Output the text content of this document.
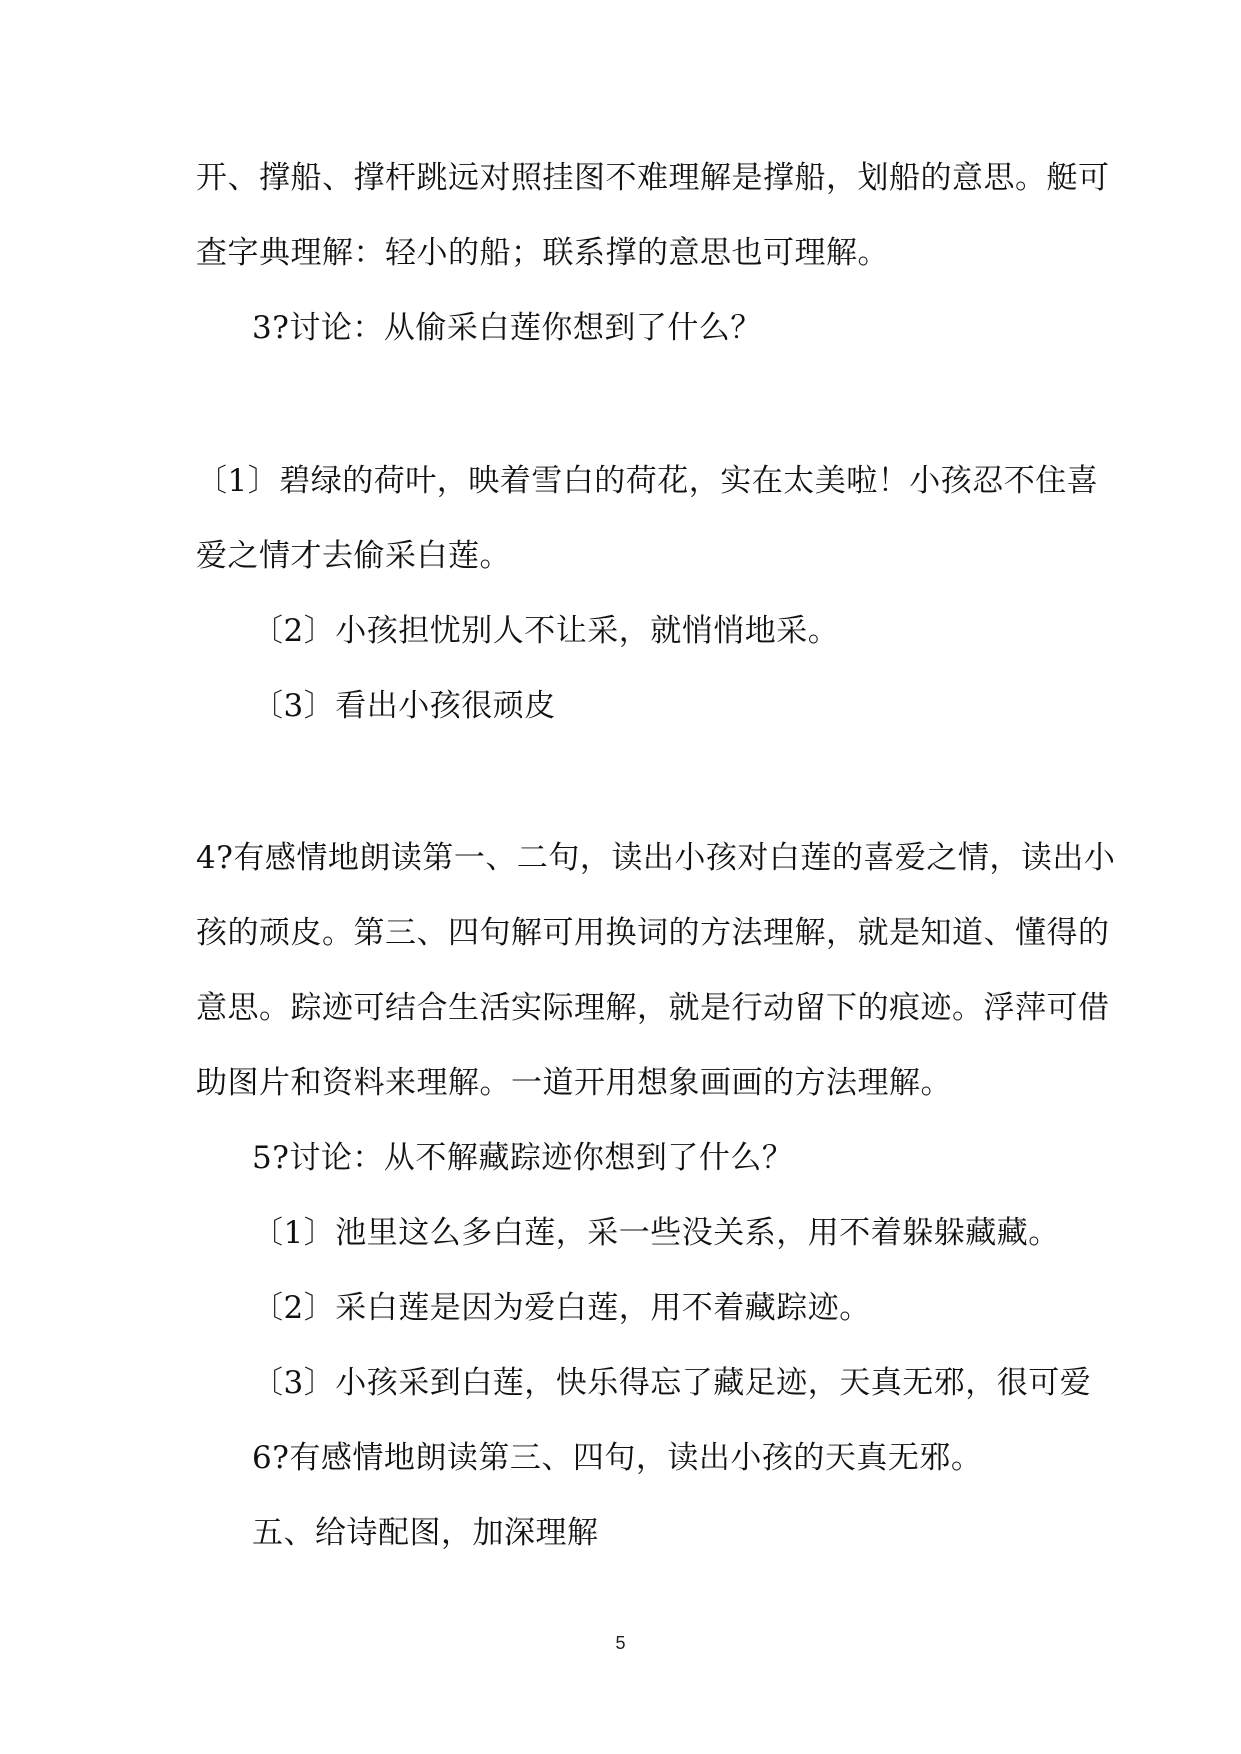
开、撑船、撑杆跳远对照挂图不难理解是撑船，划船的意思。艇可
查字典理解：轻小的船；联系撑的意思也可理解。
3?讨论：从偷采白莲你想到了什么？
〔1〕碧绿的荷叶，映着雪白的荷花，实在太美啦！小孩忍不住喜
爱之情才去偷采白莲。
〔2〕小孩担忧别人不让采，就悄悄地采。
〔3〕看出小孩很顽皮
4?有感情地朗读第一、二句，读出小孩对白莲的喜爱之情，读出小
孩的顽皮。第三、四句解可用换词的方法理解，就是知道、懂得的
意思。踪迹可结合生活实际理解，就是行动留下的痕迹。浮萍可借
助图片和资料来理解。一道开用想象画画的方法理解。
5?讨论：从不解藏踪迹你想到了什么？
〔1〕池里这么多白莲，采一些没关系，用不着躲躲藏藏。
〔2〕采白莲是因为爱白莲，用不着藏踪迹。
〔3〕小孩采到白莲，快乐得忘了藏足迹，天真无邪，很可爱
6?有感情地朗读第三、四句，读出小孩的天真无邪。
五、给诗配图，加深理解
5
